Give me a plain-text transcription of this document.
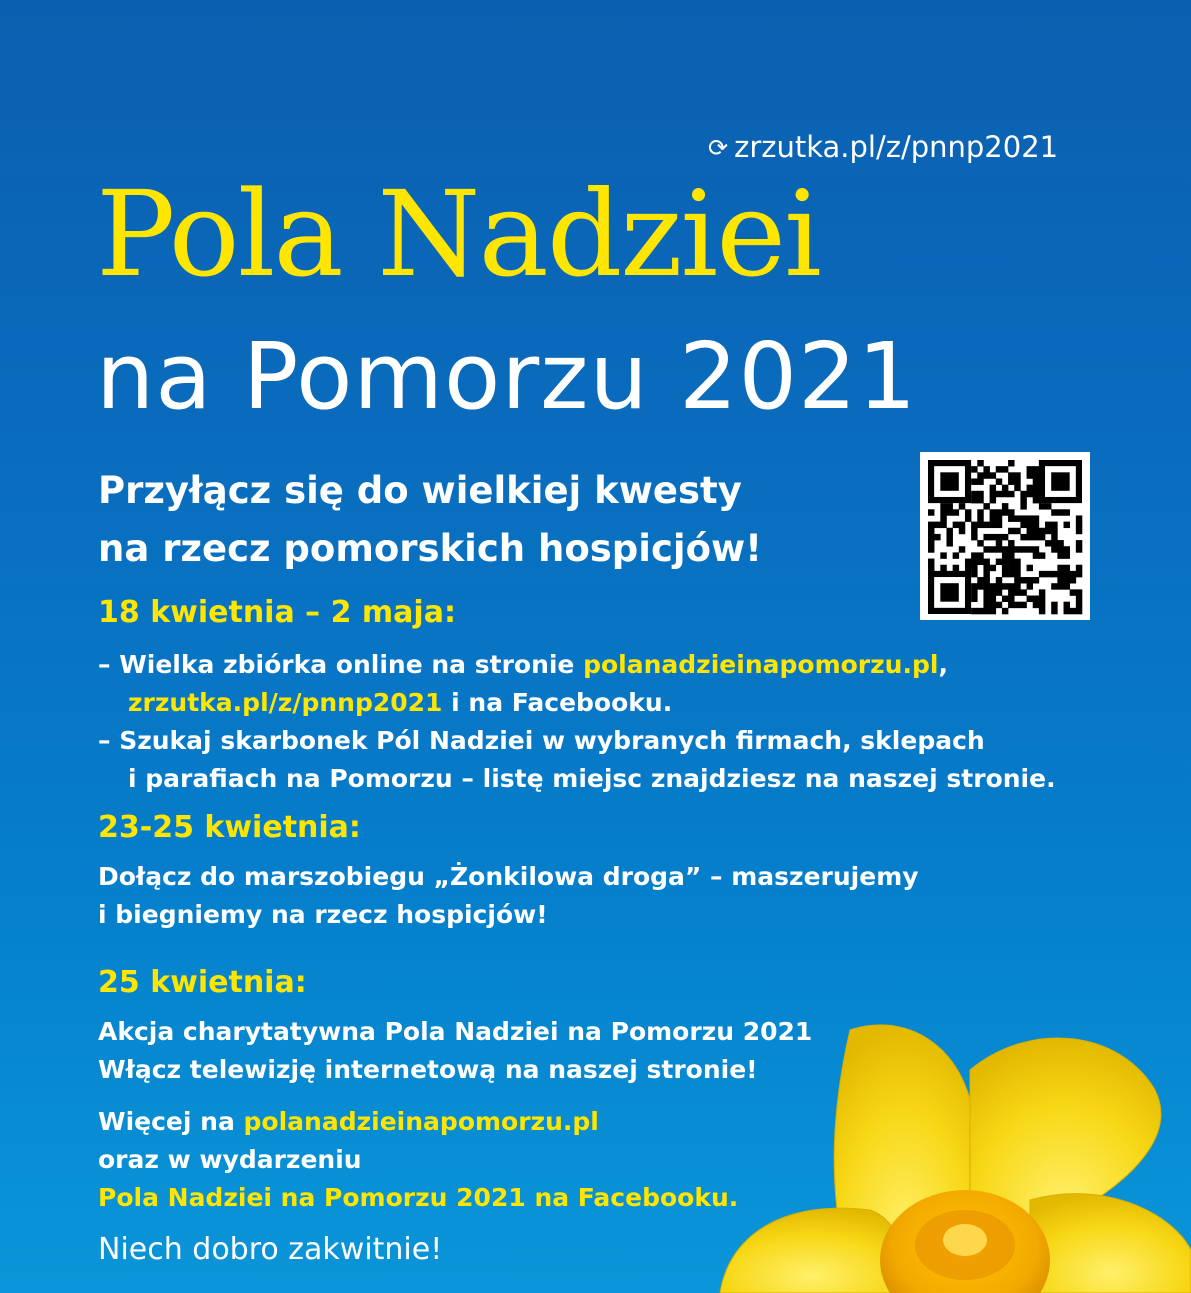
⟳ zrzutka.pl/z/pnnp2021
Pola Nadziei
na Pomorzu 2021
Przyłącz się do wielkiej kwesty
na rzecz pomorskich hospicjów!
18 kwietnia – 2 maja:
– Wielka zbiórka online na stronie polanadzieinapomorzu.pl,
zrzutka.pl/z/pnnp2021 i na Facebooku.
– Szukaj skarbonek Pól Nadziei w wybranych firmach, sklepach
i parafiach na Pomorzu – listę miejsc znajdziesz na naszej stronie.
23-25 kwietnia:
Dołącz do marszobiegu „Żonkilowa droga” – maszerujemy
i biegniemy na rzecz hospicjów!
25 kwietnia:
Akcja charytatywna Pola Nadziei na Pomorzu 2021
Włącz telewizję internetową na naszej stronie!
Więcej na polanadzieinapomorzu.pl
oraz w wydarzeniu
Pola Nadziei na Pomorzu 2021 na Facebooku.
Niech dobro zakwitnie!
